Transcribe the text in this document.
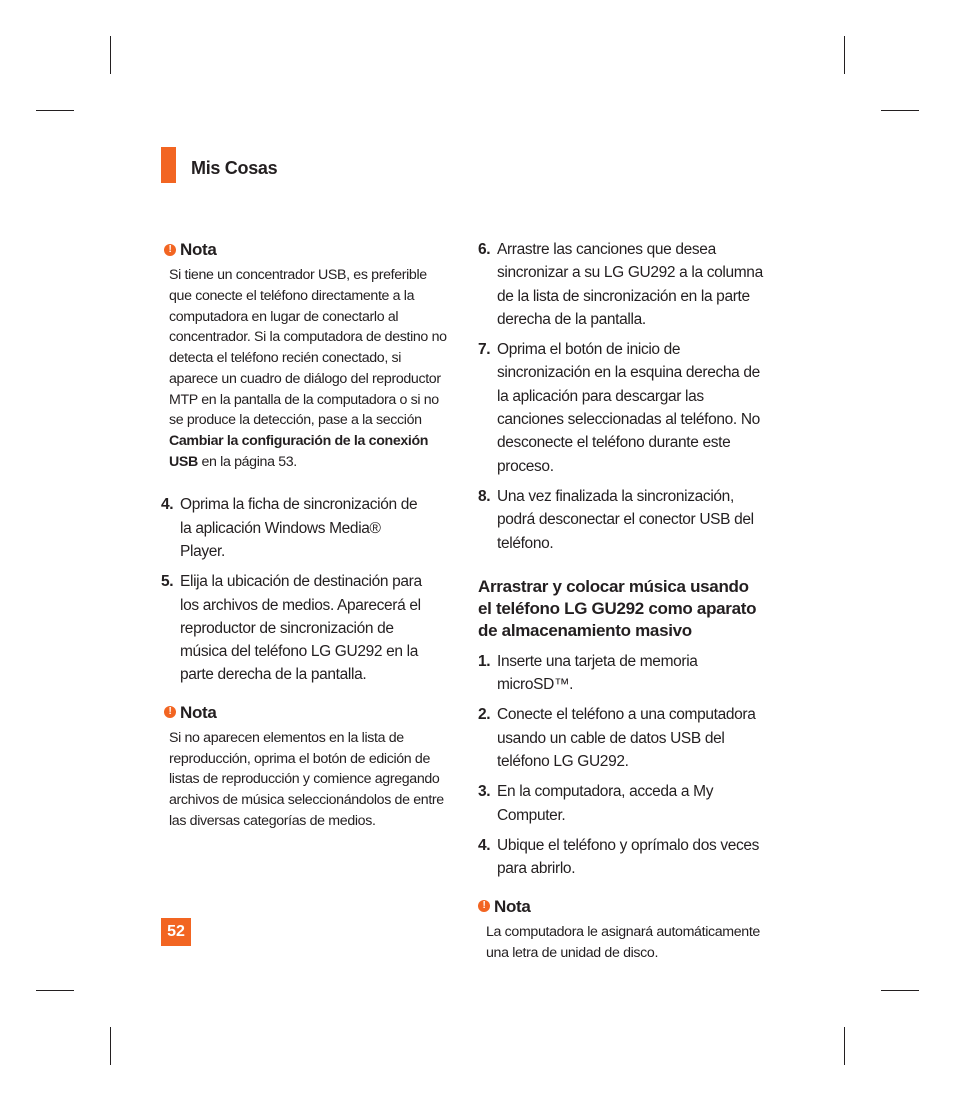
Mis Cosas
! Nota
Si tiene un concentrador USB, es preferible que conecte el teléfono directamente a la computadora en lugar de conectarlo al concentrador. Si la computadora de destino no detecta el teléfono recién conectado, si aparece un cuadro de diálogo del reproductor MTP en la pantalla de la computadora o si no se produce la detección, pase a la sección Cambiar la configuración de la conexión USB en la página 53.
4. Oprima la ficha de sincronización de la aplicación Windows Media® Player.
5. Elija la ubicación de destinación para los archivos de medios. Aparecerá el reproductor de sincronización de música del teléfono LG GU292 en la parte derecha de la pantalla.
! Nota
Si no aparecen elementos en la lista de reproducción, oprima el botón de edición de listas de reproducción y comience agregando archivos de música seleccionándolos de entre las diversas categorías de medios.
6. Arrastre las canciones que desea sincronizar a su LG GU292 a la columna de la lista de sincronización en la parte derecha de la pantalla.
7. Oprima el botón de inicio de sincronización en la esquina derecha de la aplicación para descargar las canciones seleccionadas al teléfono. No desconecte el teléfono durante este proceso.
8. Una vez finalizada la sincronización, podrá desconectar el conector USB del teléfono.
Arrastrar y colocar música usando el teléfono LG GU292 como aparato de almacenamiento masivo
1. Inserte una tarjeta de memoria microSD™.
2. Conecte el teléfono a una computadora usando un cable de datos USB del teléfono LG GU292.
3. En la computadora, acceda a My Computer.
4. Ubique el teléfono y oprímalo dos veces para abrirlo.
! Nota
La computadora le asignará automáticamente una letra de unidad de disco.
52
